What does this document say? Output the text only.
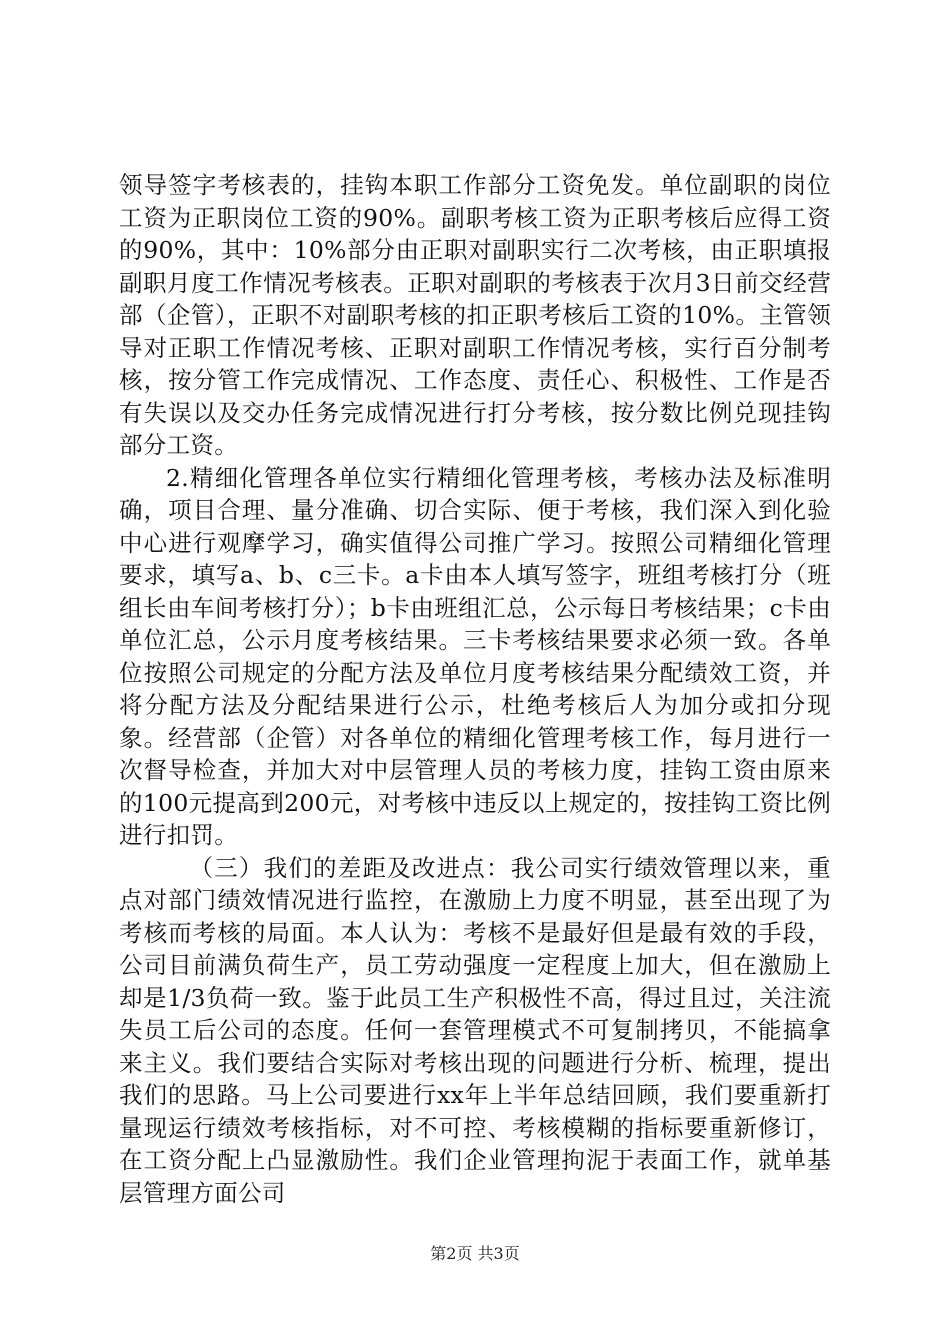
领导签字考核表的，挂钩本职工作部分工资免发。单位副职的岗位工资为正职岗位工资的90%。副职考核工资为正职考核后应得工资的90%，其中：10%部分由正职对副职实行二次考核，由正职填报副职月度工作情况考核表。正职对副职的考核表于次月3日前交经营部（企管），正职不对副职考核的扣正职考核后工资的10%。主管领导对正职工作情况考核、正职对副职工作情况考核，实行百分制考核，按分管工作完成情况、工作态度、责任心、积极性、工作是否有失误以及交办任务完成情况进行打分考核，按分数比例兑现挂钩部分工资。

2.精细化管理各单位实行精细化管理考核，考核办法及标准明确，项目合理、量分准确、切合实际、便于考核，我们深入到化验中心进行观摩学习，确实值得公司推广学习。按照公司精细化管理要求，填写a、b、c三卡。a卡由本人填写签字，班组考核打分（班组长由车间考核打分）；b卡由班组汇总，公示每日考核结果；c卡由单位汇总，公示月度考核结果。三卡考核结果要求必须一致。各单位按照公司规定的分配方法及单位月度考核结果分配绩效工资，并将分配方法及分配结果进行公示，杜绝考核后人为加分或扣分现象。经营部（企管）对各单位的精细化管理考核工作，每月进行一次督导检查，并加大对中层管理人员的考核力度，挂钩工资由原来的100元提高到200元，对考核中违反以上规定的，按挂钩工资比例进行扣罚。

（三）我们的差距及改进点：我公司实行绩效管理以来，重点对部门绩效情况进行监控，在激励上力度不明显，甚至出现了为考核而考核的局面。本人认为：考核不是最好但是最有效的手段，公司目前满负荷生产，员工劳动强度一定程度上加大，但在激励上却是1/3负荷一致。鉴于此员工生产积极性不高，得过且过，关注流失员工后公司的态度。任何一套管理模式不可复制拷贝，不能搞拿来主义。我们要结合实际对考核出现的问题进行分析、梳理，提出我们的思路。马上公司要进行xx年上半年总结回顾，我们要重新打量现运行绩效考核指标，对不可控、考核模糊的指标要重新修订，在工资分配上凸显激励性。我们企业管理拘泥于表面工作，就单基层管理方面公司

第2页 共3页
